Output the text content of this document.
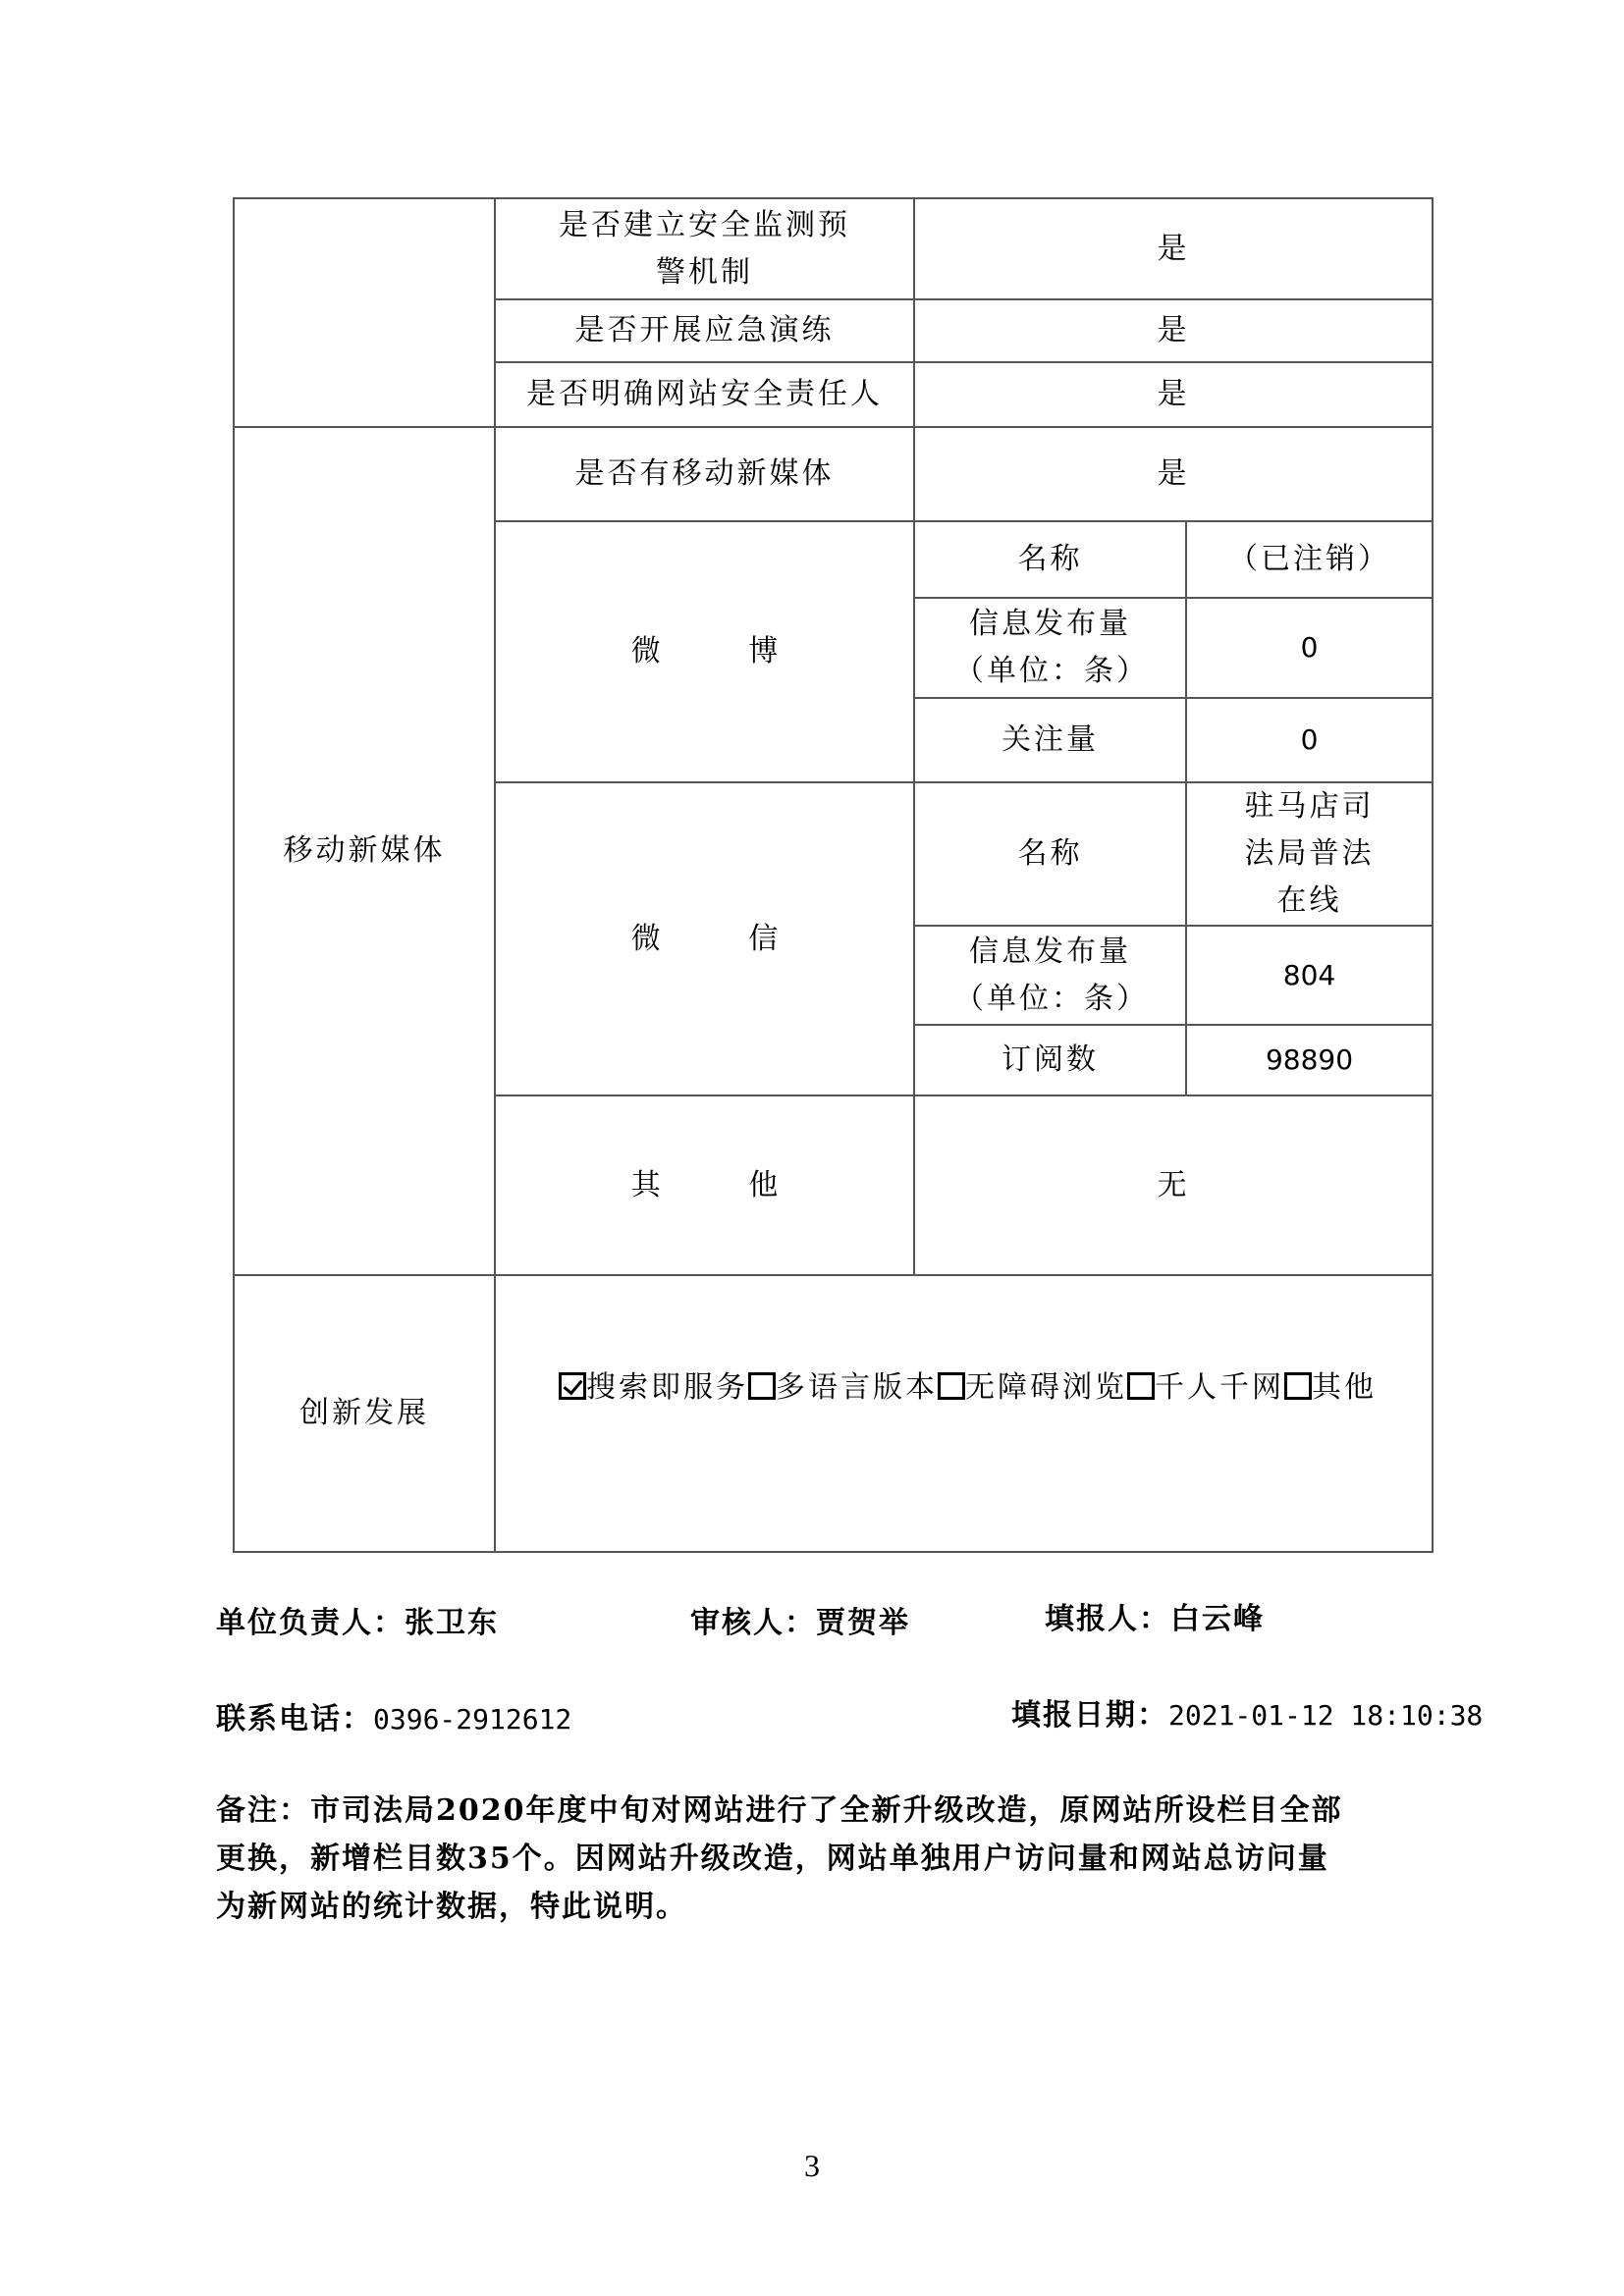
	是否建立安全监测预警机制	是	
	是否开展应急演练	是	
	是否明确网站安全责任人	是	
移动新媒体	是否有移动新媒体	是	
	微 博	名称	（已注销）
		信息发布量（单位：条）	0
		关注量	0
	微 信	名称	驻马店司法局普法在线
		信息发布量（单位：条）	804
		订阅数	98890
	其 他	无	
创新发展	搜索即服务 多语言版本 无障碍浏览 千人千网 其他		
单位负责人：张卫东	审核人：贾贺举	填报人：白云峰
联系电话：0396-2912612	填报日期：2021-01-12 18:10:38
备注：市司法局2020年度中旬对网站进行了全新升级改造，原网站所设栏目全部
更换，新增栏目数35个。因网站升级改造，网站单独用户访问量和网站总访问量
为新网站的统计数据，特此说明。
3
